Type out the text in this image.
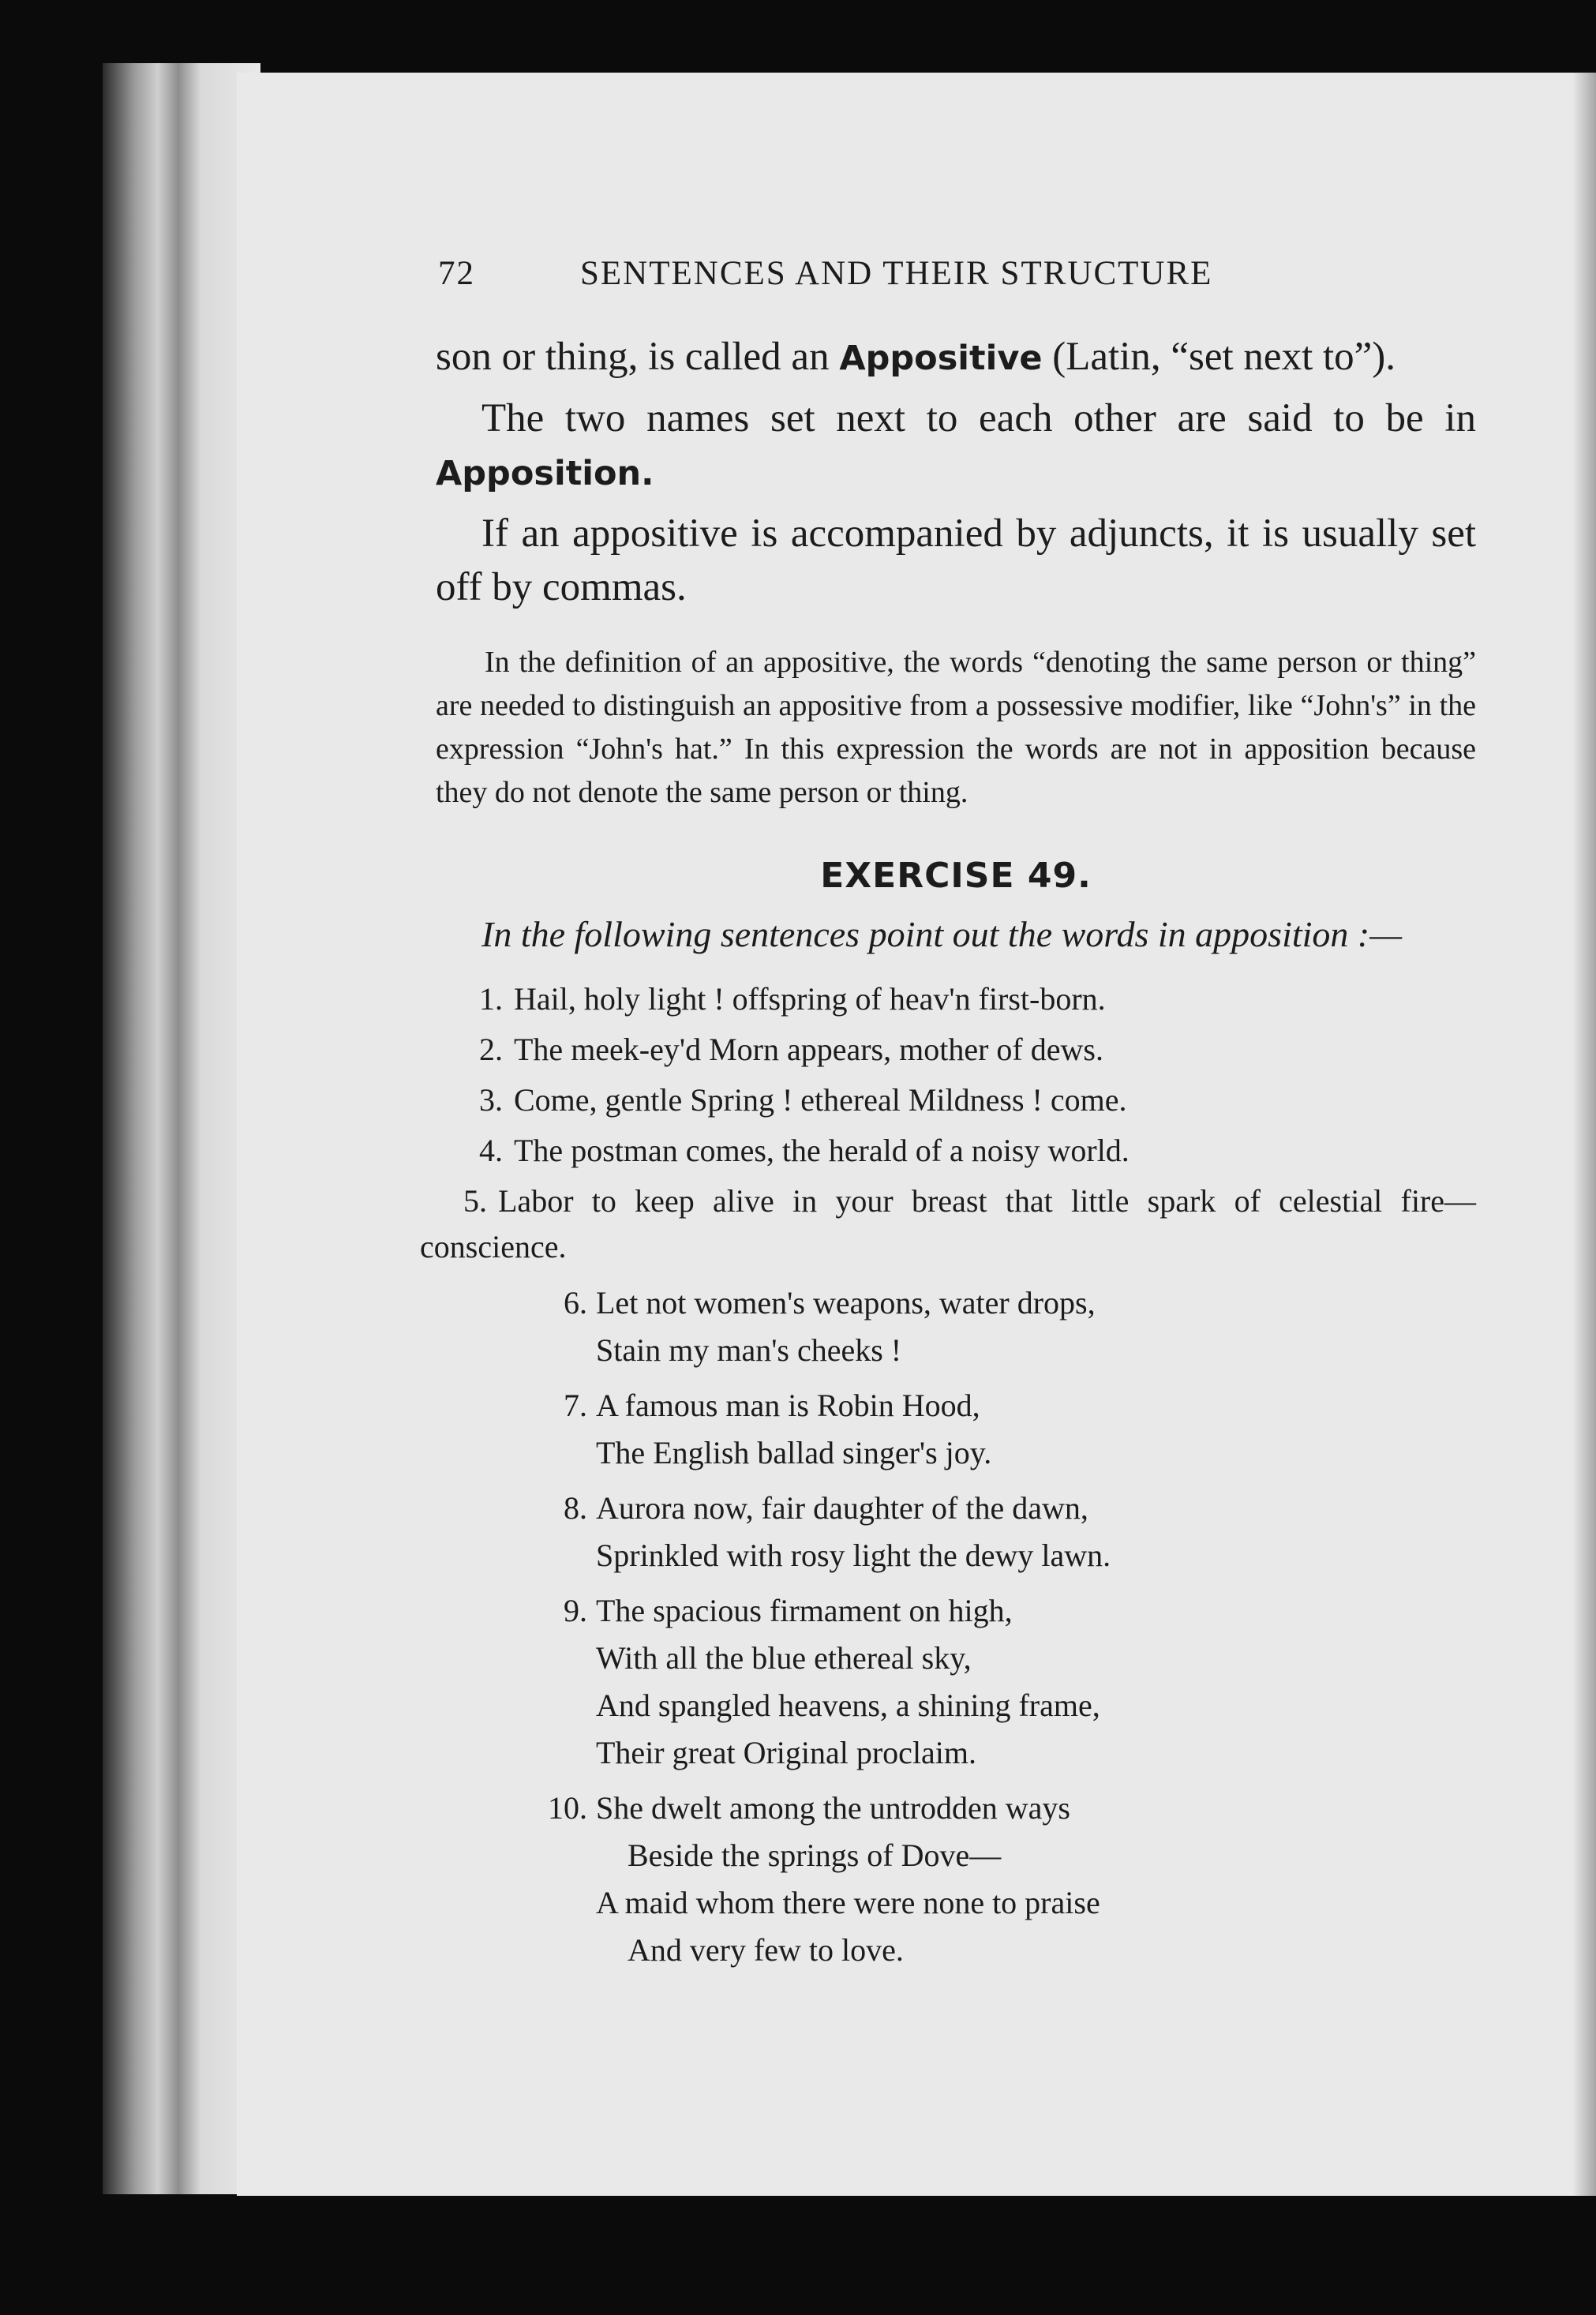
72	SENTENCES AND THEIR STRUCTURE

son or thing, is called an Appositive (Latin, “set next to”).

The two names set next to each other are said to be in Apposition.

If an appositive is accompanied by adjuncts, it is usually set off by commas.

In the definition of an appositive, the words “denoting the same person or thing” are needed to distinguish an appositive from a possessive modifier, like “John's” in the expression “John's hat.” In this expression the words are not in apposition because they do not denote the same person or thing.

EXERCISE 49.

In the following sentences point out the words in apposition :—

1. Hail, holy light ! offspring of heav'n first-born.
2. The meek-ey'd Morn appears, mother of dews.
3. Come, gentle Spring ! ethereal Mildness ! come.
4. The postman comes, the herald of a noisy world.
5. Labor to keep alive in your breast that little spark of celestial fire—conscience.
6. Let not women's weapons, water drops,
Stain my man's cheeks !
7. A famous man is Robin Hood,
The English ballad singer's joy.
8. Aurora now, fair daughter of the dawn,
Sprinkled with rosy light the dewy lawn.
9. The spacious firmament on high,
With all the blue ethereal sky,
And spangled heavens, a shining frame,
Their great Original proclaim.
10. She dwelt among the untrodden ways
Beside the springs of Dove—
A maid whom there were none to praise
And very few to love.
